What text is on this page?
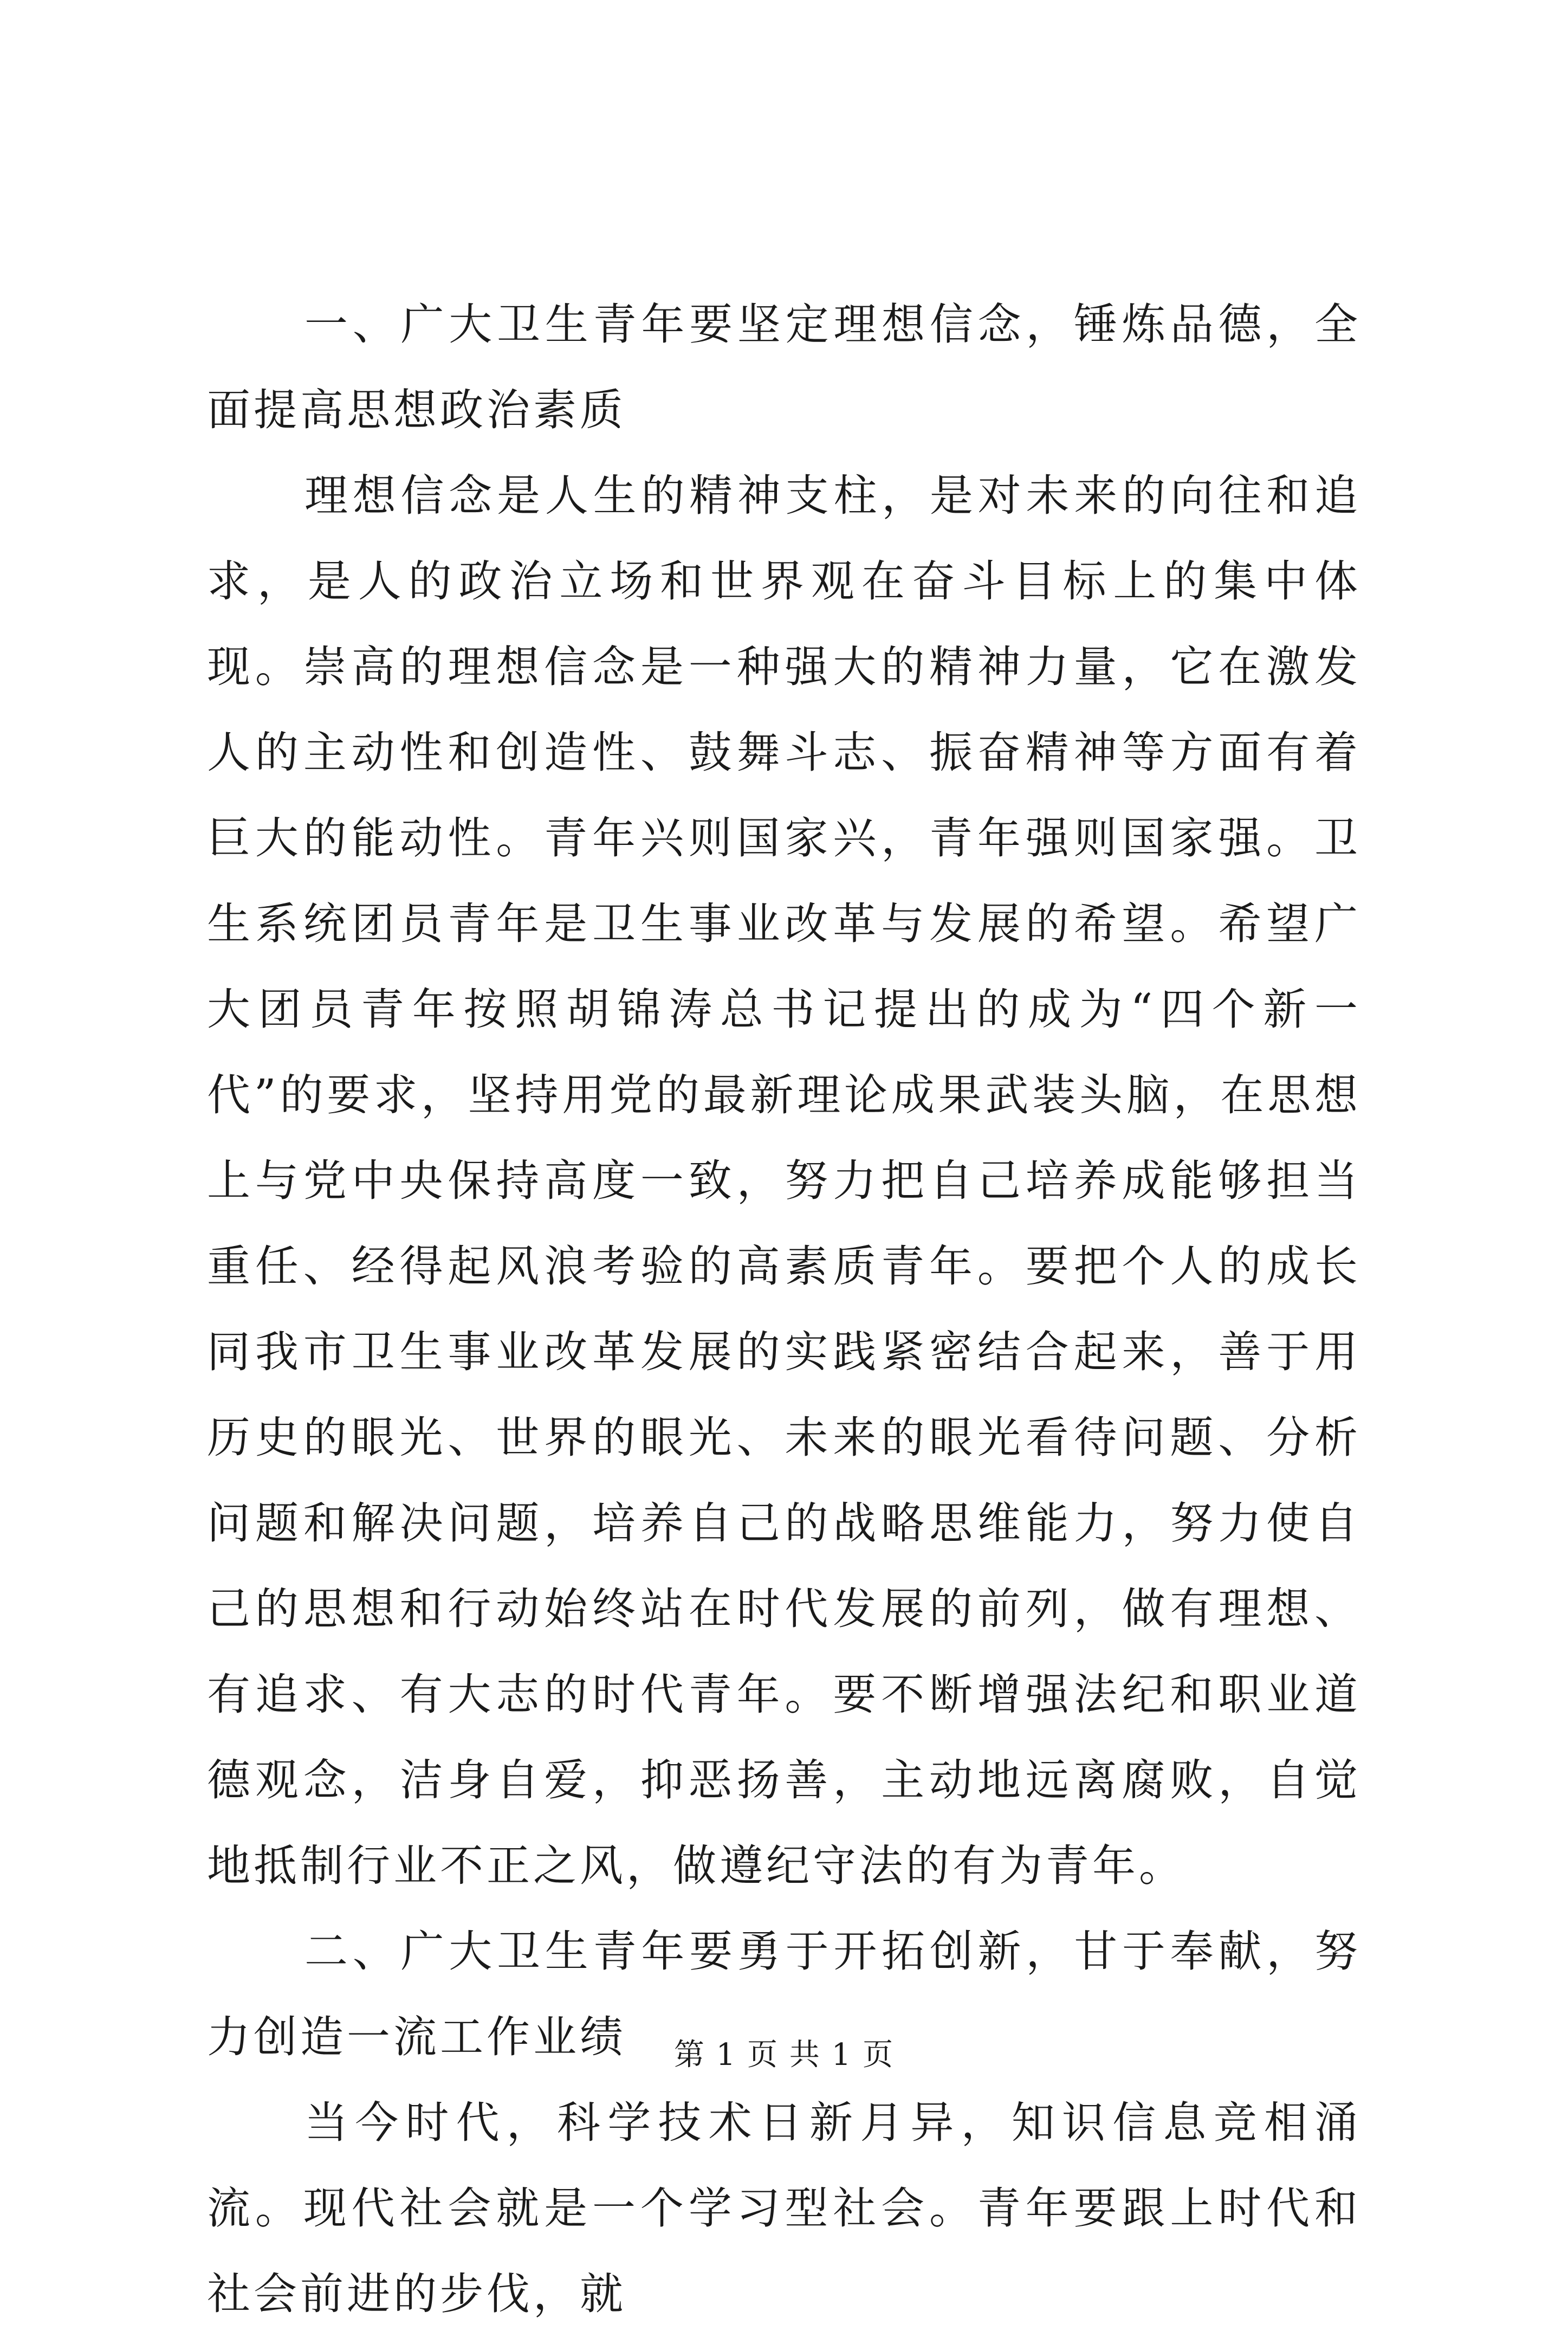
一、广大卫生青年要坚定理想信念，锤炼品德，全面提高思想政治素质

理想信念是人生的精神支柱，是对未来的向往和追求，是人的政治立场和世界观在奋斗目标上的集中体现。崇高的理想信念是一种强大的精神力量，它在激发人的主动性和创造性、鼓舞斗志、振奋精神等方面有着巨大的能动性。青年兴则国家兴，青年强则国家强。卫生系统团员青年是卫生事业改革与发展的希望。希望广大团员青年按照胡锦涛总书记提出的成为“四个新一代”的要求，坚持用党的最新理论成果武装头脑，在思想上与党中央保持高度一致，努力把自己培养成能够担当重任、经得起风浪考验的高素质青年。要把个人的成长同我市卫生事业改革发展的实践紧密结合起来，善于用历史的眼光、世界的眼光、未来的眼光看待问题、分析问题和解决问题，培养自己的战略思维能力，努力使自己的思想和行动始终站在时代发展的前列，做有理想、有追求、有大志的时代青年。要不断增强法纪和职业道德观念，洁身自爱，抑恶扬善，主动地远离腐败，自觉地抵制行业不正之风，做遵纪守法的有为青年。

二、广大卫生青年要勇于开拓创新，甘于奉献，努力创造一流工作业绩

当今时代，科学技术日新月异，知识信息竞相涌流。现代社会就是一个学习型社会。青年要跟上时代和社会前进的步伐，就

第 1 页 共 1 页
